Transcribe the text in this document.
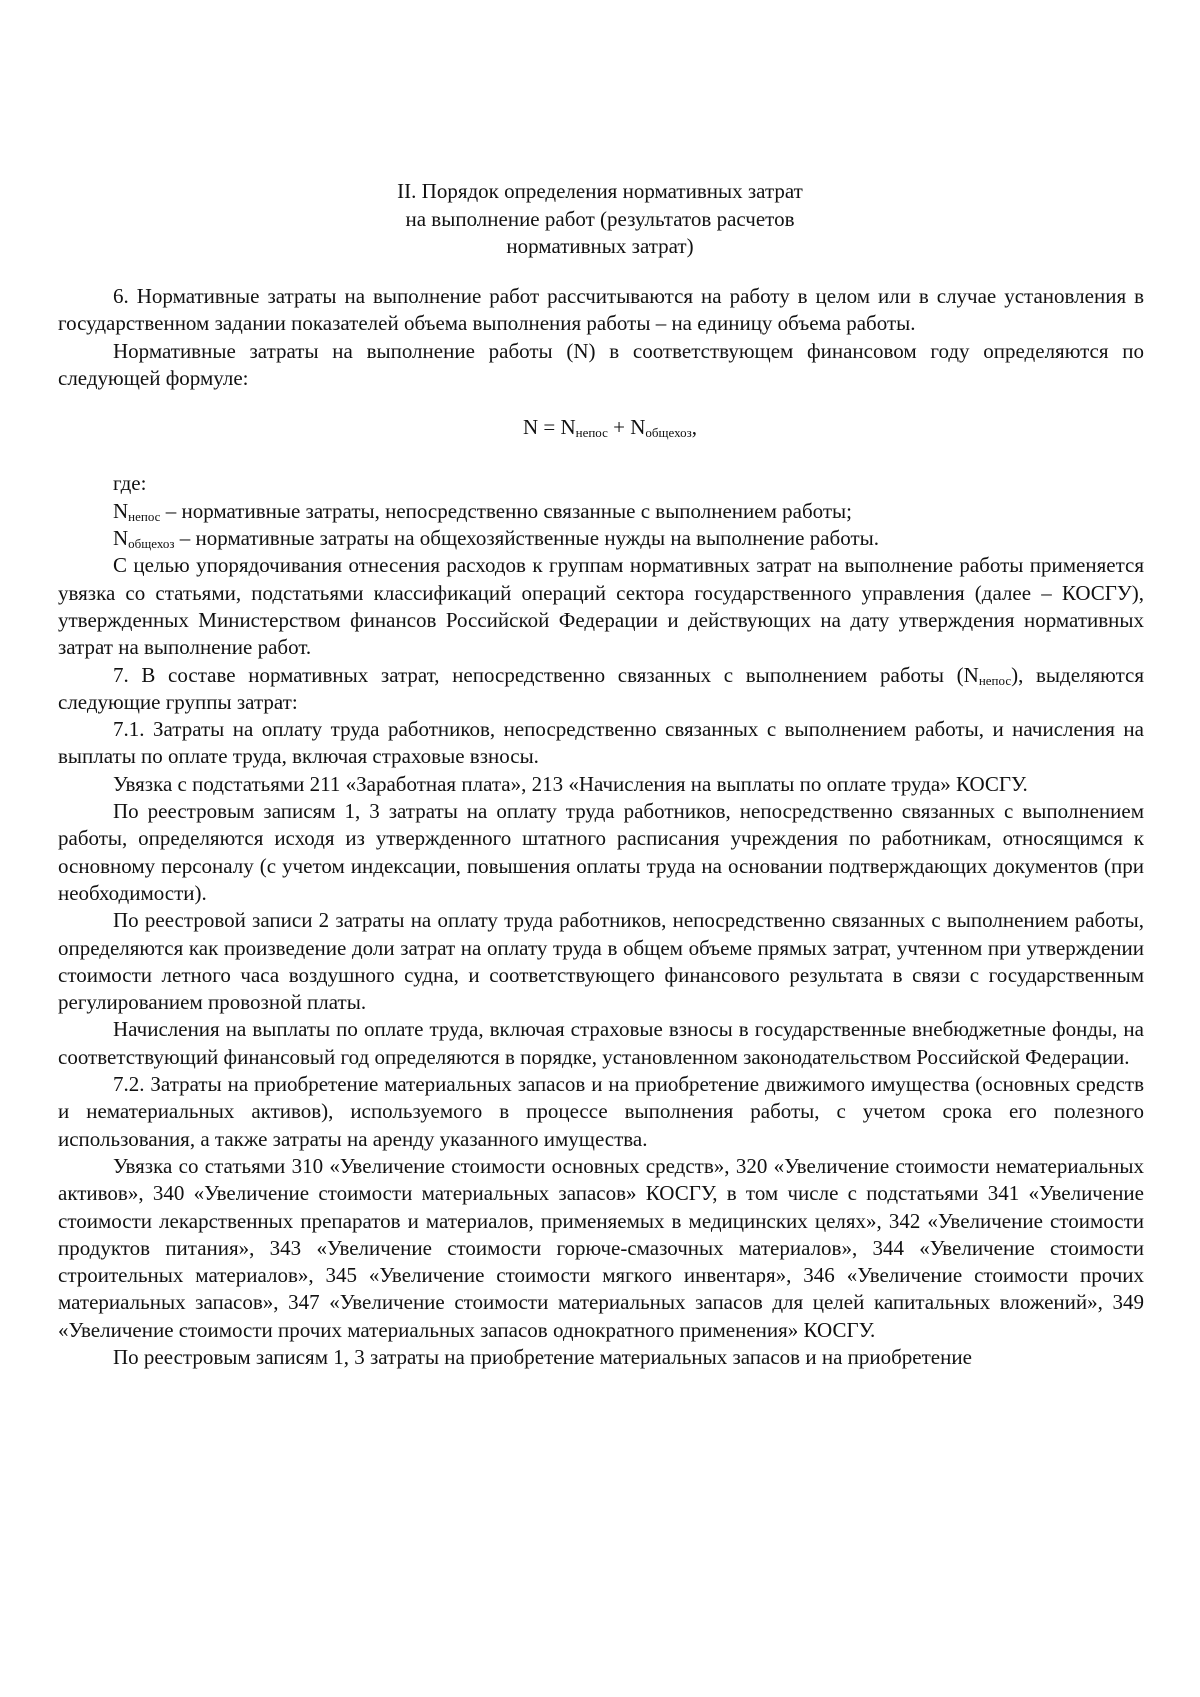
II. Порядок определения нормативных затрат
на выполнение работ (результатов расчетов
нормативных затрат)

6. Нормативные затраты на выполнение работ рассчитываются на работу в целом или в случае установления в государственном задании показателей объема выполнения работы – на единицу объема работы.

Нормативные затраты на выполнение работы (N) в соответствующем финансовом году определяются по следующей формуле:

$N = N_{непос} + N_{общехоз}$,

где:

$N_{непос}$ – нормативные затраты, непосредственно связанные с выполнением работы;

$N_{общехоз}$ – нормативные затраты на общехозяйственные нужды на выполнение работы.

С целью упорядочивания отнесения расходов к группам нормативных затрат на выполнение работы применяется увязка со статьями, подстатьями классификаций операций сектора государственного управления (далее – КОСГУ), утвержденных Министерством финансов Российской Федерации и действующих на дату утверждения нормативных затрат на выполнение работ.

7. В составе нормативных затрат, непосредственно связанных с выполнением работы $(N_{непос})$, выделяются следующие группы затрат:

7.1. Затраты на оплату труда работников, непосредственно связанных с выполнением работы, и начисления на выплаты по оплате труда, включая страховые взносы.

Увязка с подстатьями 211 «Заработная плата», 213 «Начисления на выплаты по оплате труда» КОСГУ.

По реестровым записям 1, 3 затраты на оплату труда работников, непосредственно связанных с выполнением работы, определяются исходя из утвержденного штатного расписания учреждения по работникам, относящимся к основному персоналу (с учетом индексации, повышения оплаты труда на основании подтверждающих документов (при необходимости).

По реестровой записи 2 затраты на оплату труда работников, непосредственно связанных с выполнением работы, определяются как произведение доли затрат на оплату труда в общем объеме прямых затрат, учтенном при утверждении стоимости летного часа воздушного судна, и соответствующего финансового результата в связи с государственным регулированием провозной платы.

Начисления на выплаты по оплате труда, включая страховые взносы в государственные внебюджетные фонды, на соответствующий финансовый год определяются в порядке, установленном законодательством Российской Федерации.

7.2. Затраты на приобретение материальных запасов и на приобретение движимого имущества (основных средств и нематериальных активов), используемого в процессе выполнения работы, с учетом срока его полезного использования, а также затраты на аренду указанного имущества.

Увязка со статьями 310 «Увеличение стоимости основных средств», 320 «Увеличение стоимости нематериальных активов», 340 «Увеличение стоимости материальных запасов» КОСГУ, в том числе с подстатьями 341 «Увеличение стоимости лекарственных препаратов и материалов, применяемых в медицинских целях», 342 «Увеличение стоимости продуктов питания», 343 «Увеличение стоимости горюче-смазочных материалов», 344 «Увеличение стоимости строительных материалов», 345 «Увеличение стоимости мягкого инвентаря», 346 «Увеличение стоимости прочих материальных запасов», 347 «Увеличение стоимости материальных запасов для целей капитальных вложений», 349 «Увеличение стоимости прочих материальных запасов однократного применения» КОСГУ.

По реестровым записям 1, 3 затраты на приобретение материальных запасов и на приобретение
